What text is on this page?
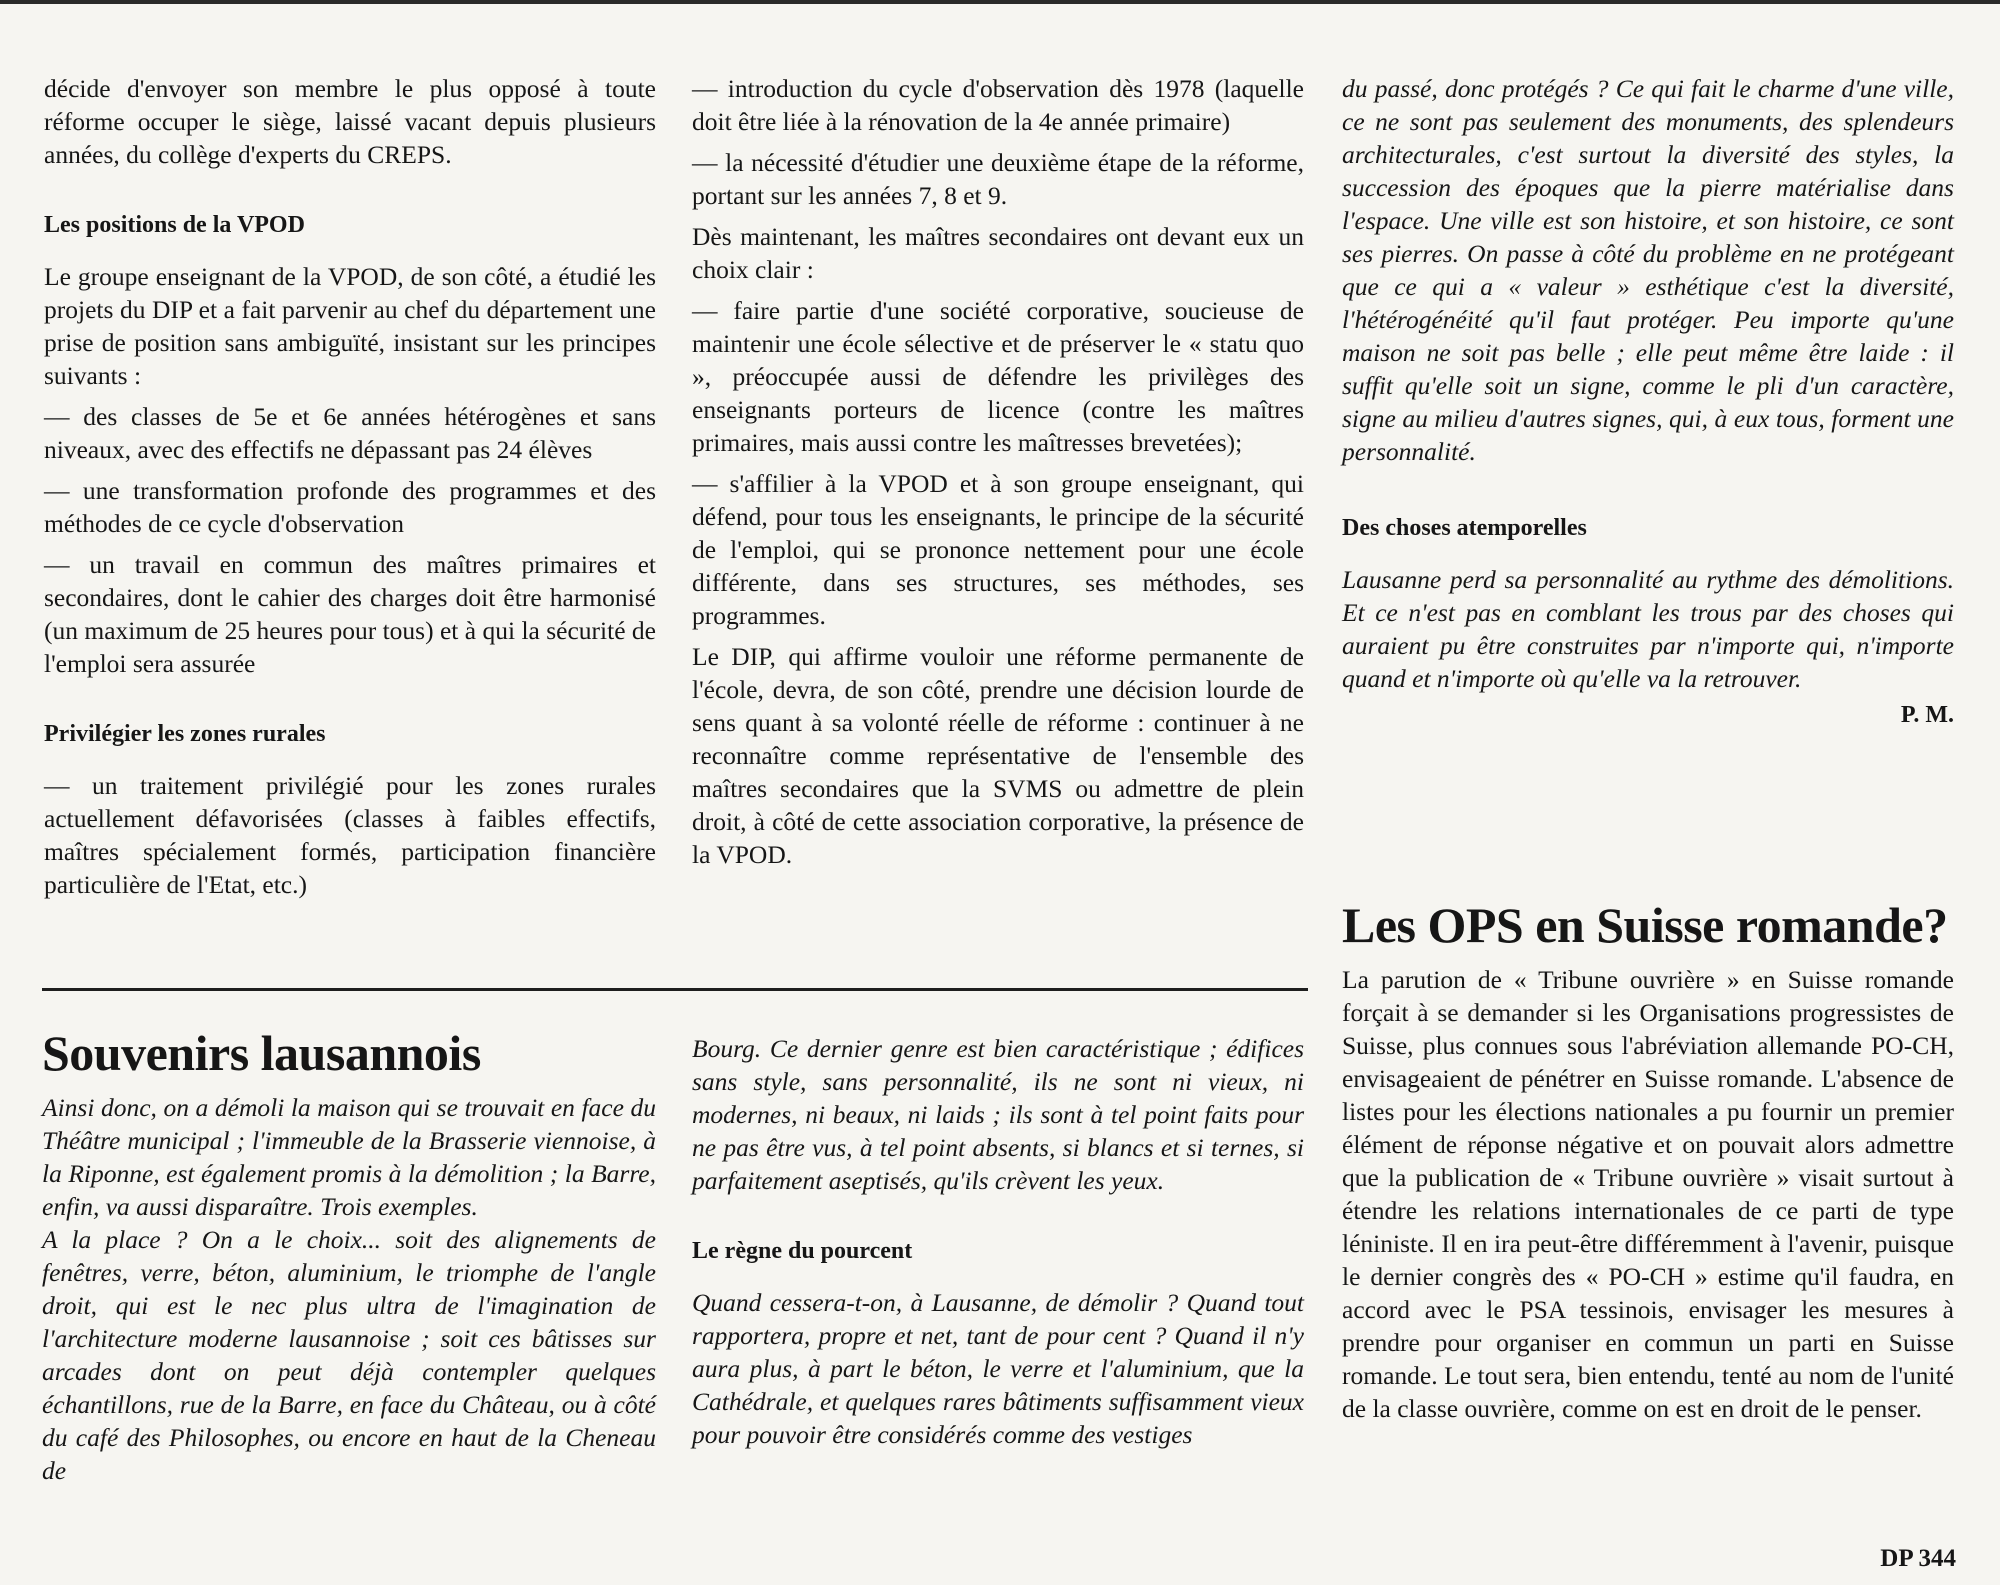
décide d'envoyer son membre le plus opposé à toute réforme occuper le siège, laissé vacant depuis plusieurs années, du collège d'experts du CREPS.

Les positions de la VPOD

Le groupe enseignant de la VPOD, de son côté, a étudié les projets du DIP et a fait parvenir au chef du département une prise de position sans ambiguïté, insistant sur les principes suivants :

— des classes de 5e et 6e années hétérogènes et sans niveaux, avec des effectifs ne dépassant pas 24 élèves

— une transformation profonde des programmes et des méthodes de ce cycle d'observation

— un travail en commun des maîtres primaires et secondaires, dont le cahier des charges doit être harmonisé (un maximum de 25 heures pour tous) et à qui la sécurité de l'emploi sera assurée

Privilégier les zones rurales

— un traitement privilégié pour les zones rurales actuellement défavorisées (classes à faibles effectifs, maîtres spécialement formés, participation financière particulière de l'Etat, etc.)

— introduction du cycle d'observation dès 1978 (laquelle doit être liée à la rénovation de la 4e année primaire)

— la nécessité d'étudier une deuxième étape de la réforme, portant sur les années 7, 8 et 9.

Dès maintenant, les maîtres secondaires ont devant eux un choix clair :

— faire partie d'une société corporative, soucieuse de maintenir une école sélective et de préserver le « statu quo », préoccupée aussi de défendre les privilèges des enseignants porteurs de licence (contre les maîtres primaires, mais aussi contre les maîtresses brevetées);

— s'affilier à la VPOD et à son groupe enseignant, qui défend, pour tous les enseignants, le principe de la sécurité de l'emploi, qui se prononce nettement pour une école différente, dans ses structures, ses méthodes, ses programmes.

Le DIP, qui affirme vouloir une réforme permanente de l'école, devra, de son côté, prendre une décision lourde de sens quant à sa volonté réelle de réforme : continuer à ne reconnaître comme représentative de l'ensemble des maîtres secondaires que la SVMS ou admettre de plein droit, à côté de cette association corporative, la présence de la VPOD.

du passé, donc protégés ? Ce qui fait le charme d'une ville, ce ne sont pas seulement des monuments, des splendeurs architecturales, c'est surtout la diversité des styles, la succession des époques que la pierre matérialise dans l'espace. Une ville est son histoire, et son histoire, ce sont ses pierres. On passe à côté du problème en ne protégeant que ce qui a « valeur » esthétique c'est la diversité, l'hétérogénéité qu'il faut protéger. Peu importe qu'une maison ne soit pas belle ; elle peut même être laide : il suffit qu'elle soit un signe, comme le pli d'un caractère, signe au milieu d'autres signes, qui, à eux tous, forment une personnalité.

Des choses atemporelles

Lausanne perd sa personnalité au rythme des démolitions. Et ce n'est pas en comblant les trous par des choses qui auraient pu être construites par n'importe qui, n'importe quand et n'importe où qu'elle va la retrouver.

P. M.
Souvenirs lausannois

Ainsi donc, on a démoli la maison qui se trouvait en face du Théâtre municipal ; l'immeuble de la Brasserie viennoise, à la Riponne, est également promis à la démolition ; la Barre, enfin, va aussi disparaître. Trois exemples.

A la place ? On a le choix... soit des alignements de fenêtres, verre, béton, aluminium, le triomphe de l'angle droit, qui est le nec plus ultra de l'imagination de l'architecture moderne lausannoise ; soit ces bâtisses sur arcades dont on peut déjà contempler quelques échantillons, rue de la Barre, en face du Château, ou à côté du café des Philosophes, ou encore en haut de la Cheneau de

Bourg. Ce dernier genre est bien caractéristique ; édifices sans style, sans personnalité, ils ne sont ni vieux, ni modernes, ni beaux, ni laids ; ils sont à tel point faits pour ne pas être vus, à tel point absents, si blancs et si ternes, si parfaitement aseptisés, qu'ils crèvent les yeux.

Le règne du pourcent

Quand cessera-t-on, à Lausanne, de démolir ? Quand tout rapportera, propre et net, tant de pour cent ? Quand il n'y aura plus, à part le béton, le verre et l'aluminium, que la Cathédrale, et quelques rares bâtiments suffisamment vieux pour pouvoir être considérés comme des vestiges

Les OPS en Suisse romande?

La parution de « Tribune ouvrière » en Suisse romande forçait à se demander si les Organisations progressistes de Suisse, plus connues sous l'abréviation allemande PO-CH, envisageaient de pénétrer en Suisse romande. L'absence de listes pour les élections nationales a pu fournir un premier élément de réponse négative et on pouvait alors admettre que la publication de « Tribune ouvrière » visait surtout à étendre les relations internationales de ce parti de type léniniste. Il en ira peut-être différemment à l'avenir, puisque le dernier congrès des « PO-CH » estime qu'il faudra, en accord avec le PSA tessinois, envisager les mesures à prendre pour organiser en commun un parti en Suisse romande. Le tout sera, bien entendu, tenté au nom de l'unité de la classe ouvrière, comme on est en droit de le penser.

DP 344
